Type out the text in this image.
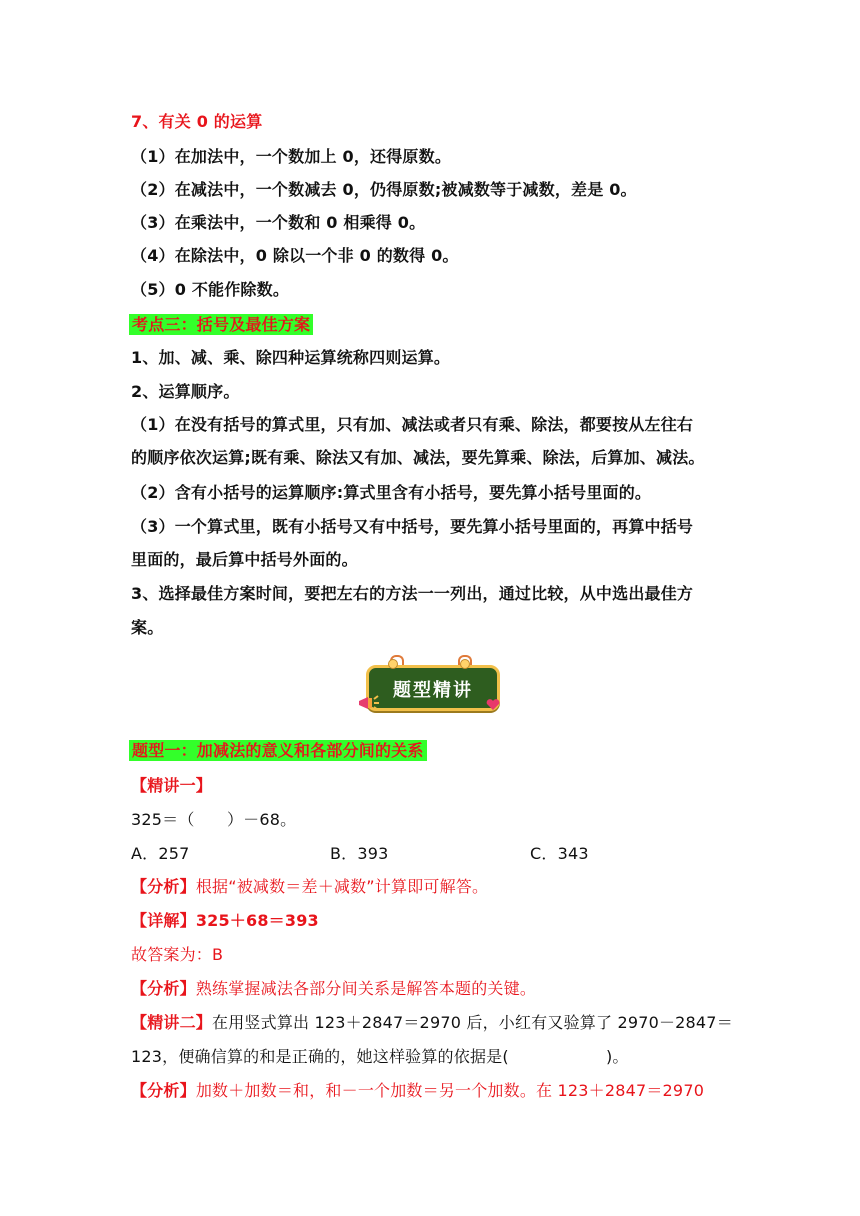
7、有关 0 的运算
（1）在加法中，一个数加上 0，还得原数。
（2）在减法中，一个数减去 0，仍得原数;被减数等于减数，差是 0。
（3）在乘法中，一个数和 0 相乘得 0。
（4）在除法中，0 除以一个非 0 的数得 0。
（5）0 不能作除数。
考点三：括号及最佳方案
1、加、减、乘、除四种运算统称四则运算。
2、运算顺序。
（1）在没有括号的算式里，只有加、减法或者只有乘、除法，都要按从左往右
的顺序依次运算;既有乘、除法又有加、减法，要先算乘、除法，后算加、减法。
（2）含有小括号的运算顺序:算式里含有小括号，要先算小括号里面的。
（3）一个算式里，既有小括号又有中括号，要先算小括号里面的，再算中括号
里面的，最后算中括号外面的。
3、选择最佳方案时间，要把左右的方法一一列出，通过比较，从中选出最佳方
案。
题型精讲
题型一：加减法的意义和各部分间的关系
【精讲一】
325＝（　　）－68。
A．257	B．393	C．343
【分析】根据“被减数＝差＋减数”计算即可解答。
【详解】325＋68＝393
故答案为：B
【分析】熟练掌握减法各部分间关系是解答本题的关键。
【精讲二】在用竖式算出 123＋2847＝2970 后，小红有又验算了 2970－2847＝
123，便确信算的和是正确的，她这样验算的依据是(　　　　　　)。
【分析】加数＋加数＝和，和－一个加数＝另一个加数。在 123＋2847＝2970
